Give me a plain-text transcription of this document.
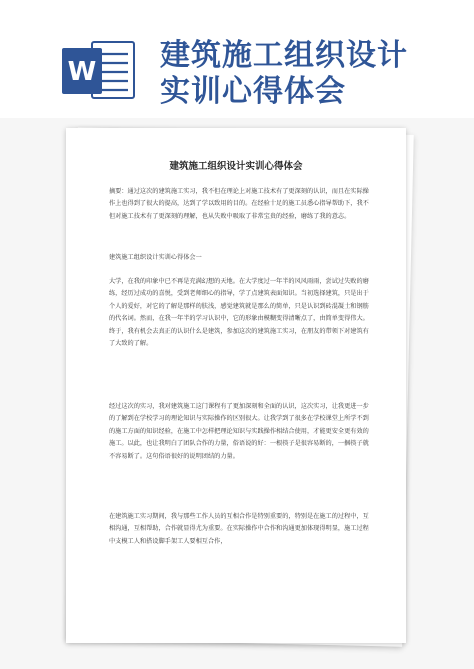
W 建筑施工组织设计
实训心得体会
建筑施工组织设计实训心得体会

摘要：通过这次的建筑施工实习，我不但在理论上对施工技术有了更深刻的认识，而且在实际操作上也得到了很大的提高，达到了学以致用的目的。在经验十足的施工员悉心指导帮助下，我不但对施工技术有了更深刻的理解，也从失败中吸取了非常宝贵的经验，磨练了我的意志。

建筑施工组织设计实训心得体会一

大学，在我的印象中已不再是充满幻想的天地。在大学度过一年半的风风雨雨，尝试过失败的磨练，经历过成功的喜悦，受到老师细心的指导，学了点建筑表面知识。当初选择建筑，只是出于个人的爱好，对它的了解是那样的肤浅，感觉建筑就是那么的简单，只是认识到砖混凝土和钢筋的代名词。然而，在我一年半的学习认识中，它的形象由模糊变得清晰点了，由简单变得伟大。终于，我有机会去真正的认识什么是建筑，参加这次的建筑施工实习，在朋友的带领下对建筑有了大致的了解。

经过这次的实习，我对建筑施工这门课程有了更加深刻和全面的认识，这次实习，让我更进一步的了解到在学校学习的理论知识与实际操作的区别很大。让我学到了很多在学校课堂上所学不到的施工方面的知识经验，在施工中怎样把理论知识与实践操作相结合使用，才能更安全更有效的施工。以此，也让我明白了团队合作的力量，俗语说的好：一根筷子是很容易断的，一捆筷子就不容易断了。这句俗语很好的说明团结的力量。

在建筑施工实习期间，我与那些工作人员的互相合作是特别重要的，特别是在施工的过程中，互相沟通，互相帮助，合作就显得尤为重要。在实际操作中合作和沟通更加体现得明显，施工过程中支模工人和搭设脚手架工人要相互合作，
